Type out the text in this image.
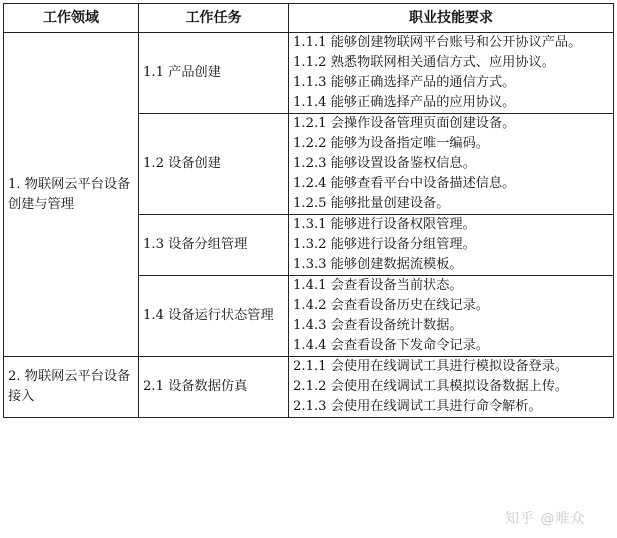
工作领域	工作任务	职业技能要求
1. 物联网云平台设备创建与管理	1.1 产品创建	1.1.1 能够创建物联网平台账号和公开协议产品。
1.1.2 熟悉物联网相关通信方式、应用协议。
1.1.3 能够正确选择产品的通信方式。
1.1.4 能够正确选择产品的应用协议。

	1.2 设备创建	1.2.1 会操作设备管理页面创建设备。
1.2.2 能够为设备指定唯一编码。
1.2.3 能够设置设备鉴权信息。
1.2.4 能够查看平台中设备描述信息。
1.2.5 能够批量创建设备。

	1.3 设备分组管理	1.3.1 能够进行设备权限管理。
1.3.2 能够进行设备分组管理。
1.3.3 能够创建数据流模板。

	1.4 设备运行状态管理	1.4.1 会查看设备当前状态。
1.4.2 会查看设备历史在线记录。
1.4.3 会查看设备统计数据。
1.4.4 会查看设备下发命令记录。

2. 物联网云平台设备接入	2.1 设备数据仿真	2.1.1 会使用在线调试工具进行模拟设备登录。
2.1.2 会使用在线调试工具模拟设备数据上传。
2.1.3 会使用在线调试工具进行命令解析。
知乎 @唯众
